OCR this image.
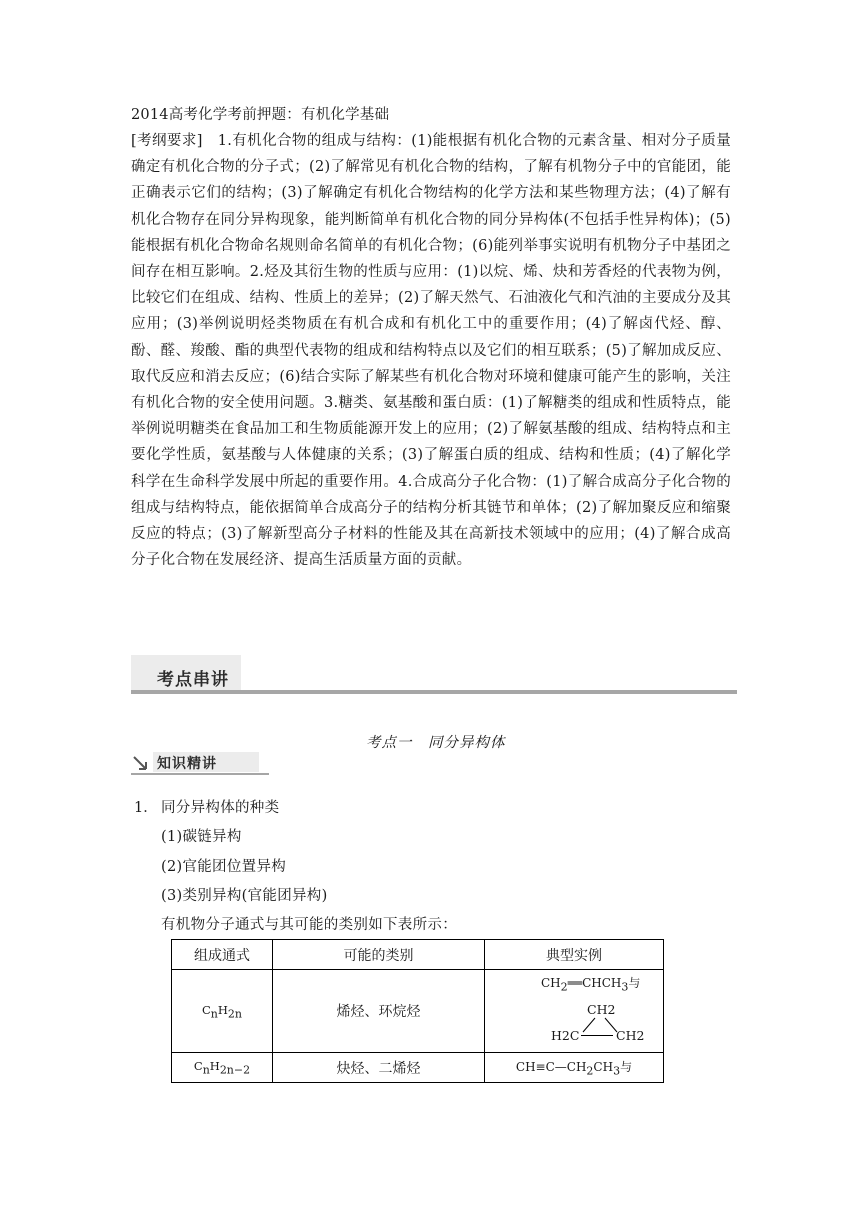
2014高考化学考前押题：有机化学基础
[考纲要求]　1.有机化合物的组成与结构：(1)能根据有机化合物的元素含量、相对分子质量确定有机化合物的分子式；(2)了解常见有机化合物的结构，了解有机物分子中的官能团，能正确表示它们的结构；(3)了解确定有机化合物结构的化学方法和某些物理方法；(4)了解有机化合物存在同分异构现象，能判断简单有机化合物的同分异构体(不包括手性异构体)；(5)能根据有机化合物命名规则命名简单的有机化合物；(6)能列举事实说明有机物分子中基团之间存在相互影响。2.烃及其衍生物的性质与应用：(1)以烷、烯、炔和芳香烃的代表物为例，比较它们在组成、结构、性质上的差异；(2)了解天然气、石油液化气和汽油的主要成分及其应用；(3)举例说明烃类物质在有机合成和有机化工中的重要作用；(4)了解卤代烃、醇、酚、醛、羧酸、酯的典型代表物的组成和结构特点以及它们的相互联系；(5)了解加成反应、取代反应和消去反应；(6)结合实际了解某些有机化合物对环境和健康可能产生的影响，关注有机化合物的安全使用问题。3.糖类、氨基酸和蛋白质：(1)了解糖类的组成和性质特点，能举例说明糖类在食品加工和生物质能源开发上的应用；(2)了解氨基酸的组成、结构特点和主要化学性质，氨基酸与人体健康的关系；(3)了解蛋白质的组成、结构和性质；(4)了解化学科学在生命科学发展中所起的重要作用。4.合成高分子化合物：(1)了解合成高分子化合物的组成与结构特点，能依据简单合成高分子的结构分析其链节和单体；(2)了解加聚反应和缩聚反应的特点；(3)了解新型高分子材料的性能及其在高新技术领域中的应用；(4)了解合成高分子化合物在发展经济、提高生活质量方面的贡献。
考点串讲
考点一　同分异构体
知识精讲
1． 同分异构体的种类
(1)碳链异构
(2)官能团位置异构
(3)类别异构(官能团异构)
有机物分子通式与其可能的类别如下表所示：
组成通式	可能的类别	典型实例
$C_nH_{2n}$	烯烃、环烷烃	$CH_2══CHCH_3$与
CH2
H2C CH2

$C_nH_{2n-2}$	炔烃、二烯烃	$CH\equiv C—CH_2CH_3$与
